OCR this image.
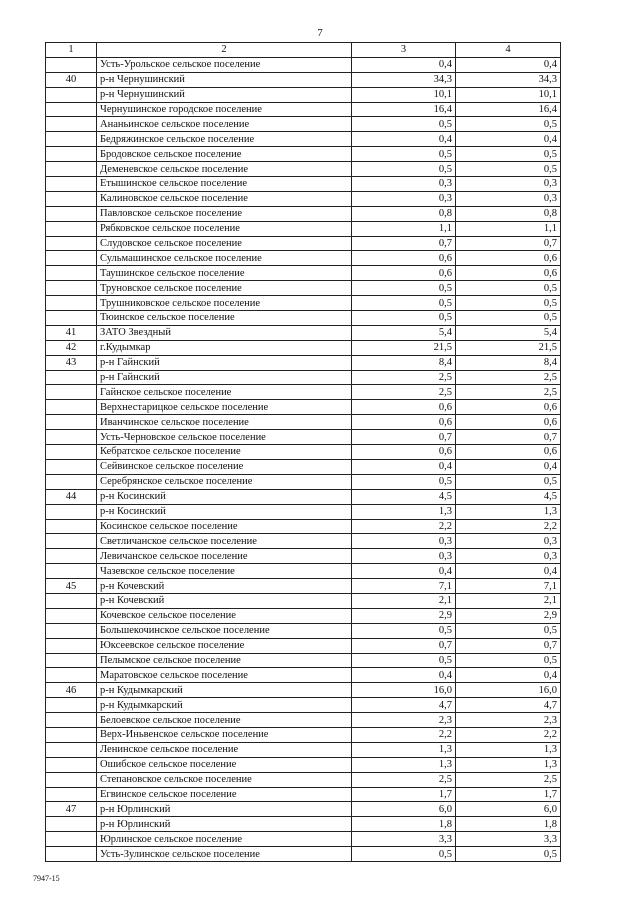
7
1	2	3	4
	Усть-Урольское сельское поселение	0,4	0,4
40	р-н Чернушинский	34,3	34,3
	р-н Чернушинский	10,1	10,1
	Чернушинское городское поселение	16,4	16,4
	Ананьинское сельское поселение	0,5	0,5
	Бедряжинское сельское поселение	0,4	0,4
	Бродовское сельское поселение	0,5	0,5
	Деменевское сельское поселение	0,5	0,5
	Етышинское сельское поселение	0,3	0,3
	Калиновское сельское поселение	0,3	0,3
	Павловское сельское поселение	0,8	0,8
	Рябковское сельское поселение	1,1	1,1
	Слудовское сельское поселение	0,7	0,7
	Сульмашинское сельское поселение	0,6	0,6
	Таушинское сельское поселение	0,6	0,6
	Труновское сельское поселение	0,5	0,5
	Трушниковское сельское поселение	0,5	0,5
	Тюинское сельское поселение	0,5	0,5
41	ЗАТО Звездный	5,4	5,4
42	г.Кудымкар	21,5	21,5
43	р-н Гайнский	8,4	8,4
	р-н Гайнский	2,5	2,5
	Гайнское сельское поселение	2,5	2,5
	Верхнестарицкое сельское поселение	0,6	0,6
	Иванчинское сельское поселение	0,6	0,6
	Усть-Черновское сельское поселение	0,7	0,7
	Кебратское сельское поселение	0,6	0,6
	Сейвинское сельское поселение	0,4	0,4
	Серебрянское сельское поселение	0,5	0,5
44	р-н Косинский	4,5	4,5
	р-н Косинский	1,3	1,3
	Косинское сельское поселение	2,2	2,2
	Светличанское сельское поселение	0,3	0,3
	Левичанское сельское поселение	0,3	0,3
	Чазевское сельское поселение	0,4	0,4
45	р-н Кочевский	7,1	7,1
	р-н Кочевский	2,1	2,1
	Кочевское сельское поселение	2,9	2,9
	Большекочинское сельское поселение	0,5	0,5
	Юксеевское сельское поселение	0,7	0,7
	Пелымское сельское поселение	0,5	0,5
	Маратовское сельское поселение	0,4	0,4
46	р-н Кудымкарский	16,0	16,0
	р-н Кудымкарский	4,7	4,7
	Белоевское сельское поселение	2,3	2,3
	Верх-Иньвенское сельское поселение	2,2	2,2
	Ленинское сельское поселение	1,3	1,3
	Ошибское сельское поселение	1,3	1,3
	Степановское сельское поселение	2,5	2,5
	Егвинское сельское поселение	1,7	1,7
47	р-н Юрлинский	6,0	6,0
	р-н Юрлинский	1,8	1,8
	Юрлинское сельское поселение	3,3	3,3
	Усть-Зулинское сельское поселение	0,5	0,5
7947-15
